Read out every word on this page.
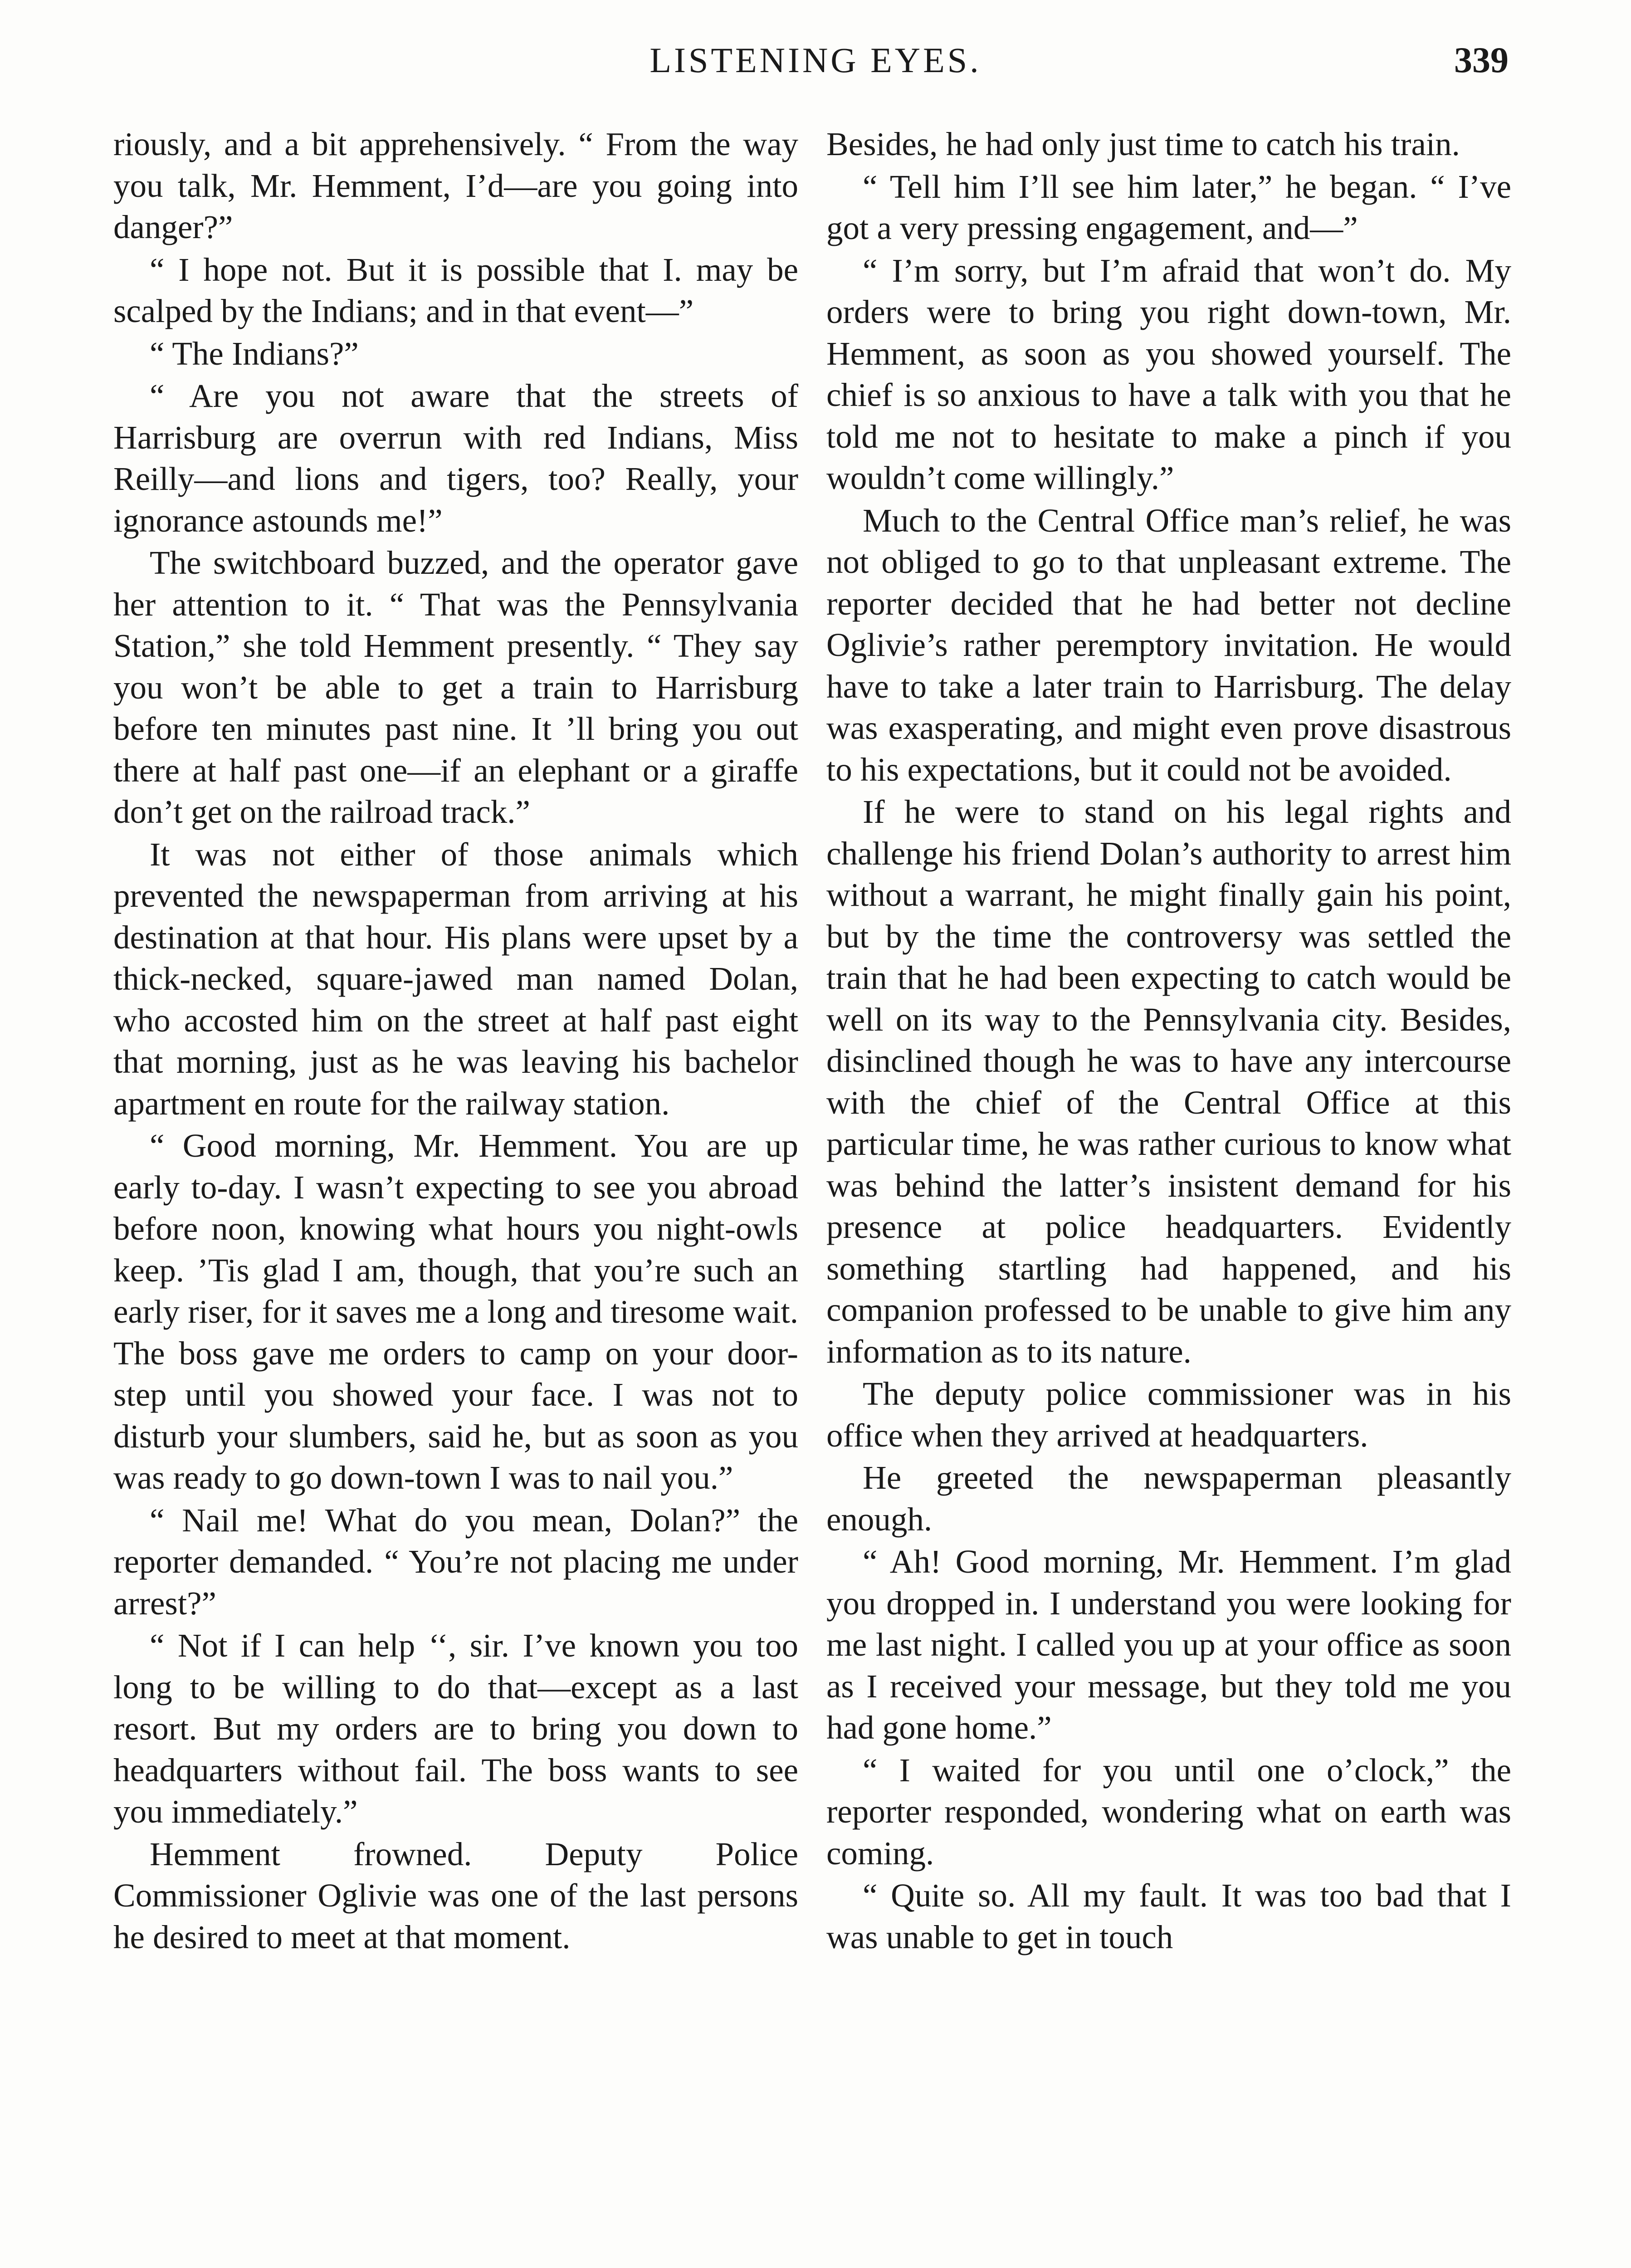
LISTENING EYES.	339

riously, and a bit apprehensively. “ From the way you talk, Mr. Hemment, I’d—are you going into danger?”

“ I hope not. But it is possible that I. may be scalped by the Indians; and in that event—”

“ The Indians?”

“ Are you not aware that the streets of Harrisburg are overrun with red Indians, Miss Reilly—and lions and tigers, too? Really, your ignorance astounds me!”

The switchboard buzzed, and the operator gave her attention to it. “ That was the Pennsylvania Station,” she told Hemment presently. “ They say you won’t be able to get a train to Harrisburg before ten minutes past nine. It ’ll bring you out there at half past one—if an elephant or a giraffe don’t get on the railroad track.”

It was not either of those animals which prevented the newspaperman from arriving at his destination at that hour. His plans were upset by a thick-necked, square-jawed man named Dolan, who accosted him on the street at half past eight that morning, just as he was leaving his bachelor apartment en route for the railway station.

“ Good morning, Mr. Hemment. You are up early to-day. I wasn’t expecting to see you abroad before noon, knowing what hours you night-owls keep. ’Tis glad I am, though, that you’re such an early riser, for it saves me a long and tiresome wait. The boss gave me orders to camp on your door-step until you showed your face. I was not to disturb your slumbers, said he, but as soon as you was ready to go down-town I was to nail you.”

“ Nail me! What do you mean, Dolan?” the reporter demanded. “ You’re not placing me under arrest?”

“ Not if I can help ‘‘, sir. I’ve known you too long to be willing to do that—except as a last resort. But my orders are to bring you down to headquarters without fail. The boss wants to see you immediately.”

Hemment frowned. Deputy Police Commissioner Oglivie was one of the last persons he desired to meet at that moment.

Besides, he had only just time to catch his train.

“ Tell him I’ll see him later,” he began. “ I’ve got a very pressing engagement, and—”

“ I’m sorry, but I’m afraid that won’t do. My orders were to bring you right down-town, Mr. Hemment, as soon as you showed yourself. The chief is so anxious to have a talk with you that he told me not to hesitate to make a pinch if you wouldn’t come willingly.”

Much to the Central Office man’s relief, he was not obliged to go to that unpleasant extreme. The reporter decided that he had better not decline Oglivie’s rather peremptory invitation. He would have to take a later train to Harrisburg. The delay was exasperating, and might even prove disastrous to his expectations, but it could not be avoided.

If he were to stand on his legal rights and challenge his friend Dolan’s authority to arrest him without a warrant, he might finally gain his point, but by the time the controversy was settled the train that he had been expecting to catch would be well on its way to the Pennsylvania city. Besides, disinclined though he was to have any intercourse with the chief of the Central Office at this particular time, he was rather curious to know what was behind the latter’s insistent demand for his presence at police headquarters. Evidently something startling had happened, and his companion professed to be unable to give him any information as to its nature.

The deputy police commissioner was in his office when they arrived at headquarters.

He greeted the newspaperman pleasantly enough.

“ Ah! Good morning, Mr. Hemment. I’m glad you dropped in. I understand you were looking for me last night. I called you up at your office as soon as I received your message, but they told me you had gone home.”

“ I waited for you until one o’clock,” the reporter responded, wondering what on earth was coming.

“ Quite so. All my fault. It was too bad that I was unable to get in touch
